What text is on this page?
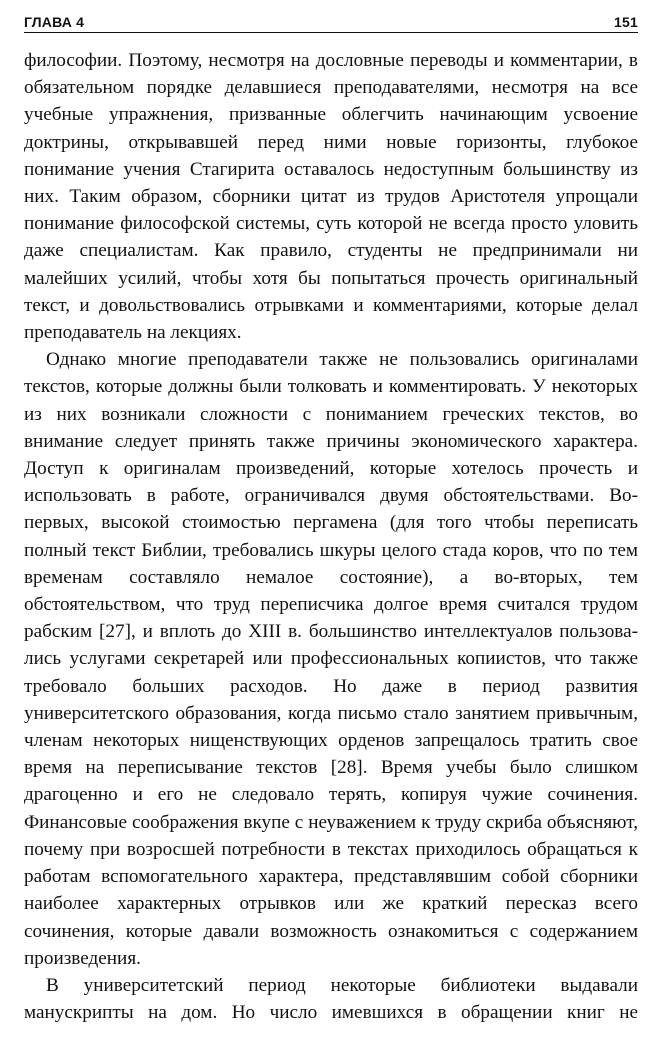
ГЛАВА 4	151

философии. Поэтому, несмотря на дословные переводы и комментарии, в обязательном порядке делавшиеся преподавателями, несмотря на все учебные упражнения, призванные облегчить начинающим усвоение доктрины, открывавшей перед ними новые горизонты, глубокое понимание учения Стагирита оставалось недоступным большинству из них. Таким образом, сборники цитат из трудов Аристотеля упрощали понимание философской системы, суть которой не всегда просто уловить даже специалистам. Как правило, студенты не предпринимали ни малейших усилий, чтобы хотя бы попытаться прочесть оригинальный текст, и довольствовались отрывками и комментариями, которые делал преподаватель на лекциях.

Однако многие преподаватели также не пользовались оригиналами текстов, которые должны были толковать и комментировать. У некоторых из них возникали сложности с пониманием греческих текстов, во внимание следует принять также причины экономического характера. Доступ к оригиналам произведений, которые хотелось прочесть и использовать в работе, ограничивался двумя обстоятельствами. Во-первых, высокой стоимостью пергамена (для того чтобы переписать полный текст Библии, требовались шкуры целого стада коров, что по тем временам составляло немалое состояние), а во-вторых, тем обстоятельством, что труд переписчика долгое время считался трудом рабским [27], и вплоть до XIII в. большинство интеллектуалов пользовались услугами секретарей или профессиональных копиистов, что также требовало больших расходов. Но даже в период развития университетского образования, когда письмо стало занятием привычным, членам некоторых нищенствующих орденов запрещалось тратить свое время на переписывание текстов [28]. Время учебы было слишком драгоценно и его не следовало терять, копируя чужие сочинения. Финансовые соображения вкупе с неуважением к труду скриба объясняют, почему при возросшей потребности в текстах приходилось обращаться к работам вспомогательного характера, представлявшим собой сборники наиболее характерных отрывков или же краткий пересказ всего сочинения, которые давали возможность ознакомиться с содержанием произведения.

В университетский период некоторые библиотеки выдавали манускрипты на дом. Но число имевшихся в обращении книг не
